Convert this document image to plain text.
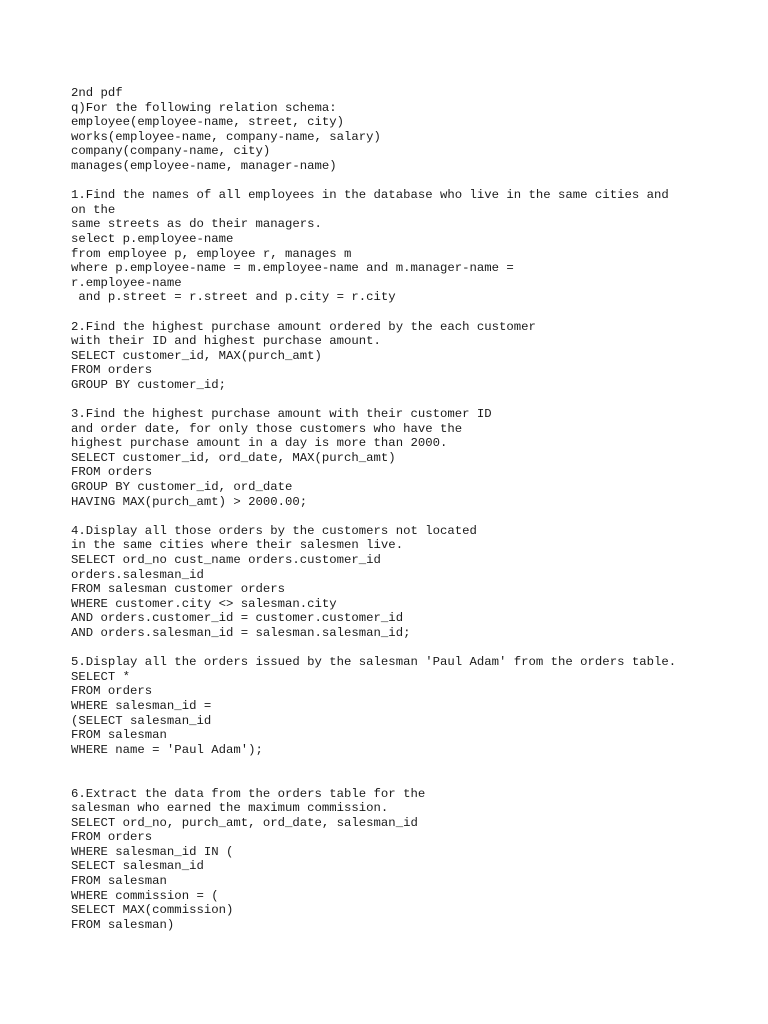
2nd pdf
q)For the following relation schema:
employee(employee-name, street, city)
works(employee-name, company-name, salary)
company(company-name, city)
manages(employee-name, manager-name)
1.Find the names of all employees in the database who live in the same cities and
on the
same streets as do their managers.
select p.employee-name
from employee p, employee r, manages m
where p.employee-name = m.employee-name and m.manager-name =
r.employee-name
and p.street = r.street and p.city = r.city
2.Find the highest purchase amount ordered by the each customer
with their ID and highest purchase amount.
SELECT customer_id, MAX(purch_amt)
FROM orders
GROUP BY customer_id;
3.Find the highest purchase amount with their customer ID
and order date, for only those customers who have the
highest purchase amount in a day is more than 2000.
SELECT customer_id, ord_date, MAX(purch_amt)
FROM orders
GROUP BY customer_id, ord_date
HAVING MAX(purch_amt) > 2000.00;
4.Display all those orders by the customers not located
in the same cities where their salesmen live.
SELECT ord_no cust_name orders.customer_id
orders.salesman_id
FROM salesman customer orders
WHERE customer.city <> salesman.city
AND orders.customer_id = customer.customer_id
AND orders.salesman_id = salesman.salesman_id;
5.Display all the orders issued by the salesman 'Paul Adam' from the orders table.
SELECT *
FROM orders
WHERE salesman_id =
(SELECT salesman_id
FROM salesman
WHERE name = 'Paul Adam');
6.Extract the data from the orders table for the
salesman who earned the maximum commission.
SELECT ord_no, purch_amt, ord_date, salesman_id
FROM orders
WHERE salesman_id IN (
SELECT salesman_id
FROM salesman
WHERE commission = (
SELECT MAX(commission)
FROM salesman)
